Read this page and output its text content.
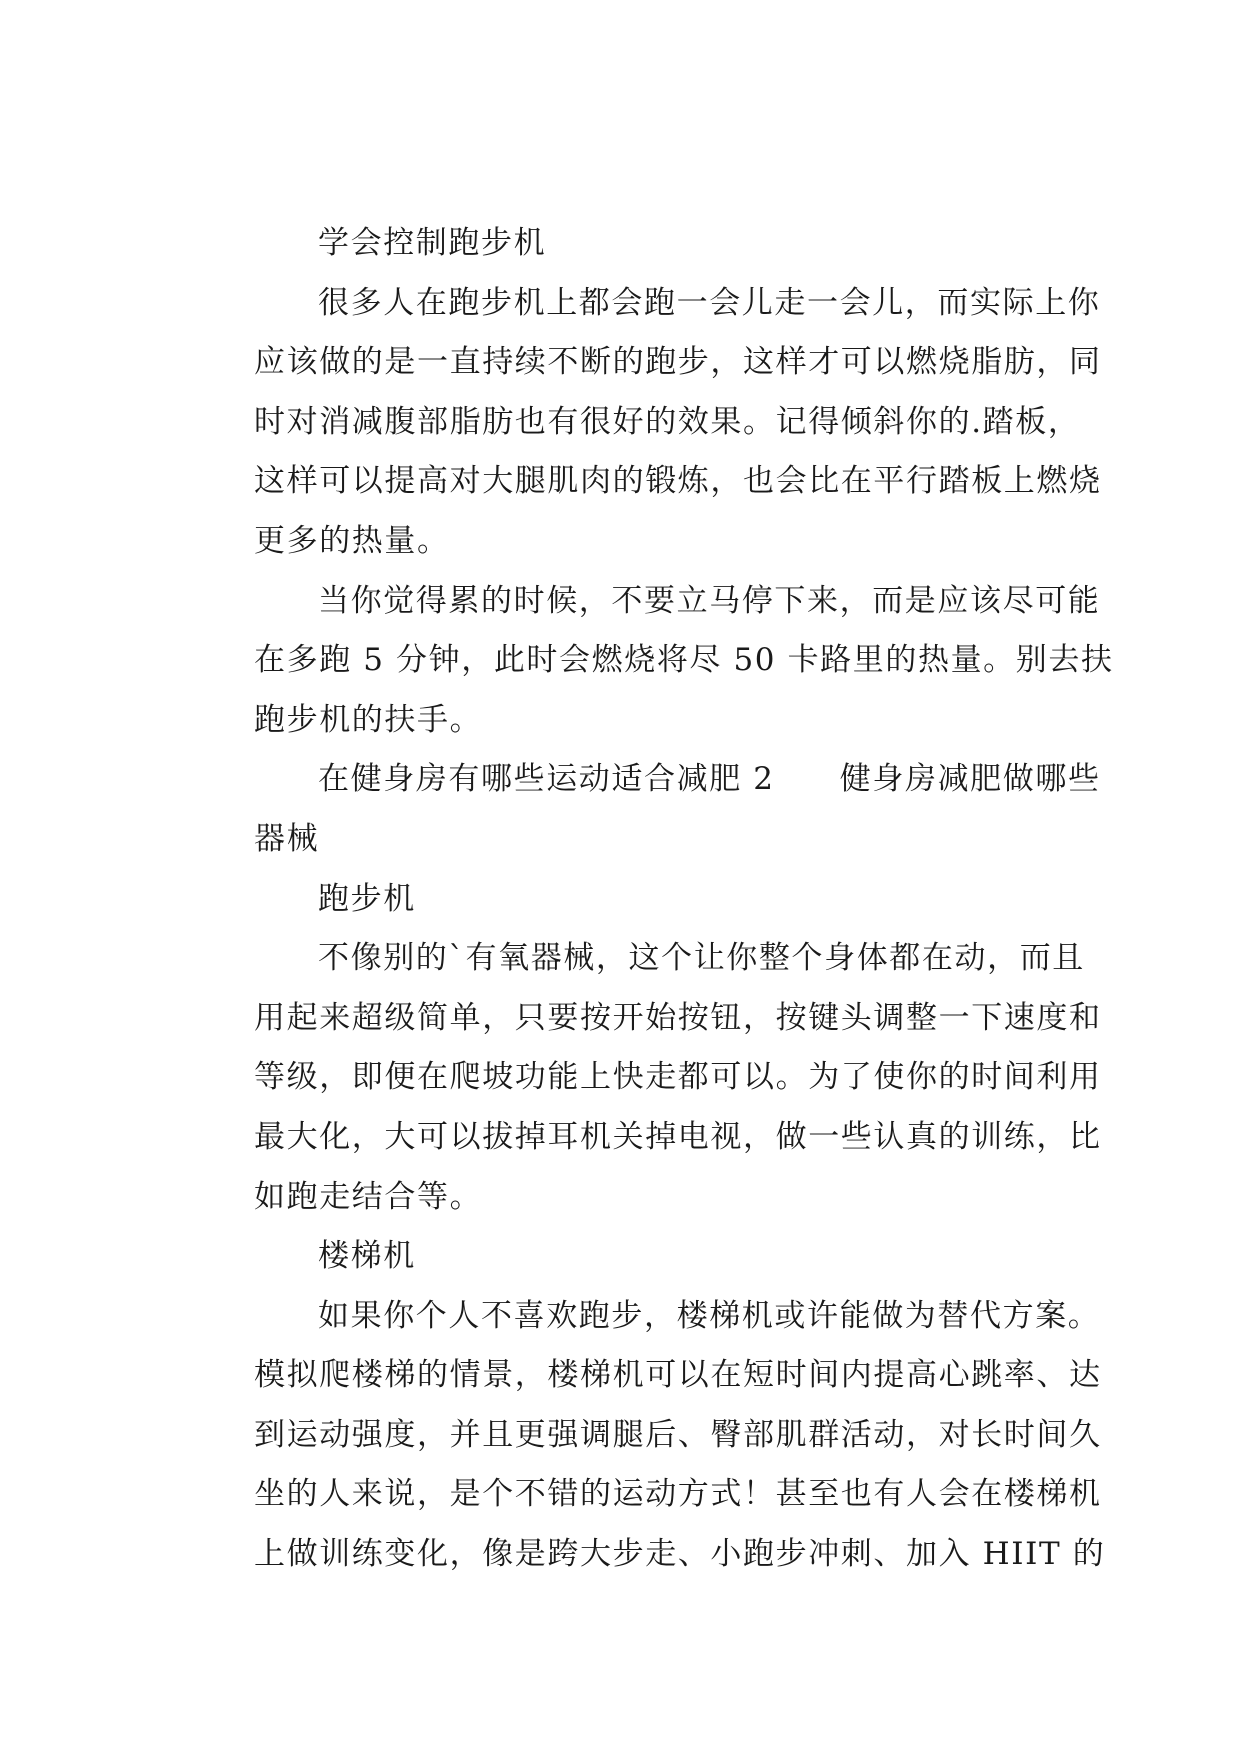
学会控制跑步机
很多人在跑步机上都会跑一会儿走一会儿，而实际上你
应该做的是一直持续不断的跑步，这样才可以燃烧脂肪，同
时对消减腹部脂肪也有很好的效果。记得倾斜你的.踏板，
这样可以提高对大腿肌肉的锻炼，也会比在平行踏板上燃烧
更多的热量。
当你觉得累的时候，不要立马停下来，而是应该尽可能
在多跑 5 分钟，此时会燃烧将尽 50 卡路里的热量。别去扶
跑步机的扶手。
在健身房有哪些运动适合减肥 2　　健身房减肥做哪些
器械
跑步机
不像别的`有氧器械，这个让你整个身体都在动，而且
用起来超级简单，只要按开始按钮，按键头调整一下速度和
等级，即便在爬坡功能上快走都可以。为了使你的时间利用
最大化，大可以拔掉耳机关掉电视，做一些认真的训练，比
如跑走结合等。
楼梯机
如果你个人不喜欢跑步，楼梯机或许能做为替代方案。
模拟爬楼梯的情景，楼梯机可以在短时间内提高心跳率、达
到运动强度，并且更强调腿后、臀部肌群活动，对长时间久
坐的人来说，是个不错的运动方式！甚至也有人会在楼梯机
上做训练变化，像是跨大步走、小跑步冲刺、加入 HIIT 的
